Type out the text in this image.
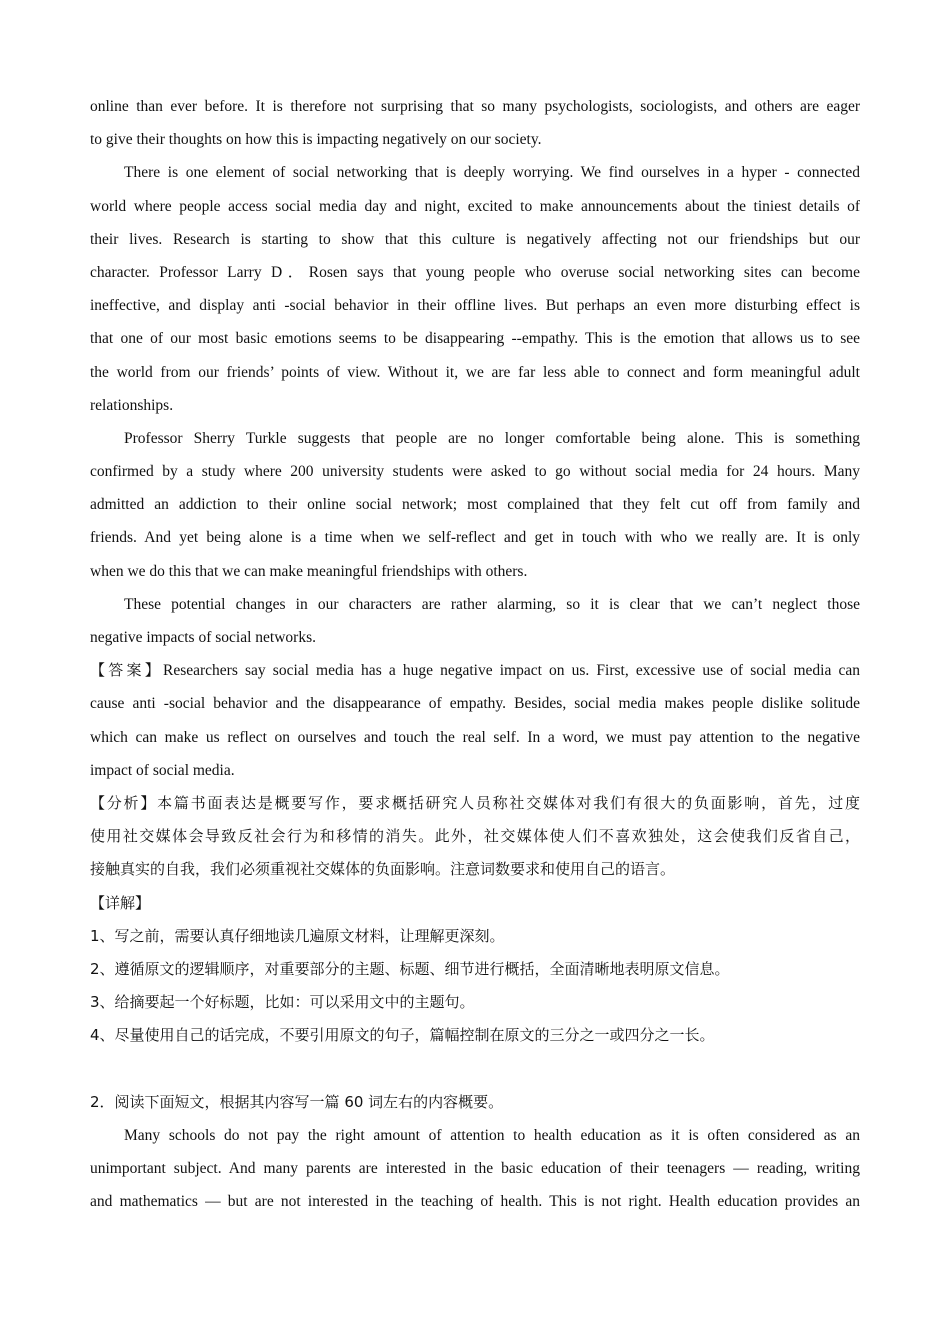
online than ever before. It is therefore not surprising that so many psychologists, sociologists, and others are eager
to give their thoughts on how this is impacting negatively on our society.
There is one element of social networking that is deeply worrying. We find ourselves in a hyper - connected
world where people access social media day and night, excited to make announcements about the tiniest details of
their lives. Research is starting to show that this culture is negatively affecting not our friendships but our
character. Professor Larry D．Rosen says that young people who overuse social networking sites can become
ineffective, and display anti -social behavior in their offline lives. But perhaps an even more disturbing effect is
that one of our most basic emotions seems to be disappearing --empathy. This is the emotion that allows us to see
the world from our friends’ points of view. Without it, we are far less able to connect and form meaningful adult
relationships.
Professor Sherry Turkle suggests that people are no longer comfortable being alone. This is something
confirmed by a study where 200 university students were asked to go without social media for 24 hours. Many
admitted an addiction to their online social network; most complained that they felt cut off from family and
friends. And yet being alone is a time when we self-reflect and get in touch with who we really are. It is only
when we do this that we can make meaningful friendships with others.
These potential changes in our characters are rather alarming, so it is clear that we can’t neglect those
negative impacts of social networks.
【答案】Researchers say social media has a huge negative impact on us. First, excessive use of social media can
cause anti -social behavior and the disappearance of empathy. Besides, social media makes people dislike solitude
which can make us reflect on ourselves and touch the real self. In a word, we must pay attention to the negative
impact of social media.
【分析】本篇书面表达是概要写作，要求概括研究人员称社交媒体对我们有很大的负面影响，首先，过度
使用社交媒体会导致反社会行为和移情的消失。此外，社交媒体使人们不喜欢独处，这会使我们反省自己，
接触真实的自我，我们必须重视社交媒体的负面影响。注意词数要求和使用自己的语言。
【详解】
1、写之前，需要认真仔细地读几遍原文材料，让理解更深刻。
2、遵循原文的逻辑顺序，对重要部分的主题、标题、细节进行概括，全面清晰地表明原文信息。
3、给摘要起一个好标题，比如：可以采用文中的主题句。
4、尽量使用自己的话完成，不要引用原文的句子，篇幅控制在原文的三分之一或四分之一长。
2．阅读下面短文，根据其内容写一篇 60 词左右的内容概要。
Many schools do not pay the right amount of attention to health education as it is often considered as an
unimportant subject. And many parents are interested in the basic education of their teenagers — reading, writing
and mathematics — but are not interested in the teaching of health. This is not right. Health education provides an
